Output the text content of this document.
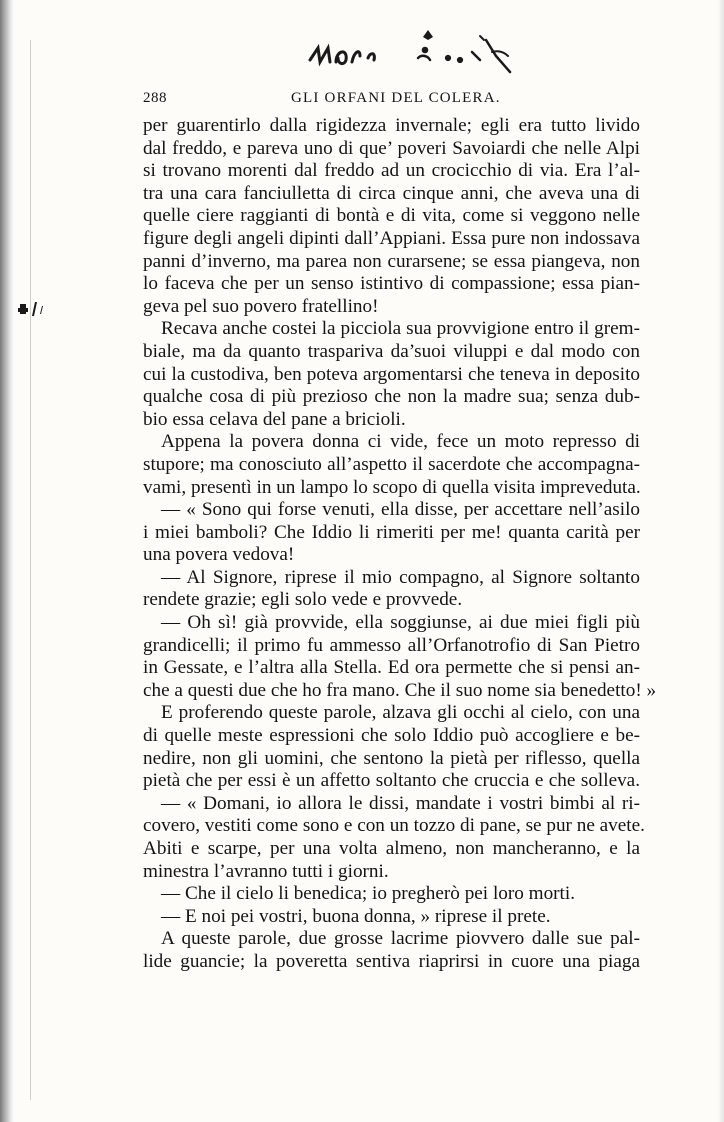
288	GLI ORFANI DEL COLERA.
per guarentirlo dalla rigidezza invernale; egli era tutto livido
dal freddo, e pareva uno di que’ poveri Savoiardi che nelle Alpi
si trovano morenti dal freddo ad un crocicchio di via. Era l’al-
tra una cara fanciulletta di circa cinque anni, che aveva una di
quelle ciere raggianti di bontà e di vita, come si veggono nelle
figure degli angeli dipinti dall’Appiani. Essa pure non indossava
panni d’inverno, ma parea non curarsene; se essa piangeva, non
lo faceva che per un senso istintivo di compassione; essa pian-
geva pel suo povero fratellino!
Recava anche costei la picciola sua provvigione entro il grem-
biale, ma da quanto traspariva da’suoi viluppi e dal modo con
cui la custodiva, ben poteva argomentarsi che teneva in deposito
qualche cosa di più prezioso che non la madre sua; senza dub-
bio essa celava del pane a bricioli.
Appena la povera donna ci vide, fece un moto represso di
stupore; ma conosciuto all’aspetto il sacerdote che accompagna-
vami, presentì in un lampo lo scopo di quella visita impreveduta.
— « Sono qui forse venuti, ella disse, per accettare nell’asilo
i miei bamboli? Che Iddio li rimeriti per me! quanta carità per
una povera vedova!
— Al Signore, riprese il mio compagno, al Signore soltanto
rendete grazie; egli solo vede e provvede.
— Oh sì! già provvide, ella soggiunse, ai due miei figli più
grandicelli; il primo fu ammesso all’Orfanotrofio di San Pietro
in Gessate, e l’altra alla Stella. Ed ora permette che si pensi an-
che a questi due che ho fra mano. Che il suo nome sia benedetto! »
E proferendo queste parole, alzava gli occhi al cielo, con una
di quelle meste espressioni che solo Iddio può accogliere e be-
nedire, non gli uomini, che sentono la pietà per riflesso, quella
pietà che per essi è un affetto soltanto che cruccia e che solleva.
— « Domani, io allora le dissi, mandate i vostri bimbi al ri-
covero, vestiti come sono e con un tozzo di pane, se pur ne avete.
Abiti e scarpe, per una volta almeno, non mancheranno, e la
minestra l’avranno tutti i giorni.
— Che il cielo li benedica; io pregherò pei loro morti.
— E noi pei vostri, buona donna, » riprese il prete.
A queste parole, due grosse lacrime piovvero dalle sue pal-
lide guancie; la poveretta sentiva riaprirsi in cuore una piaga
